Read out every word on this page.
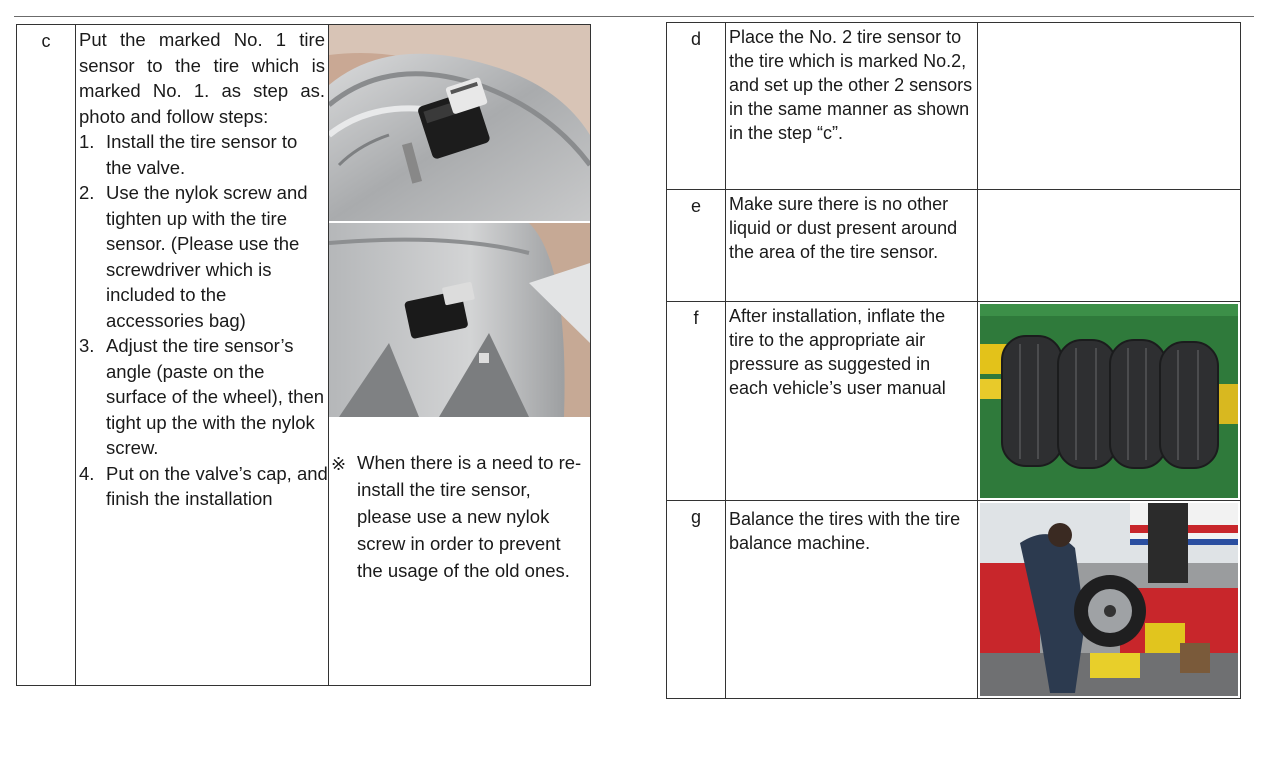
c	Put the marked No. 1 tire sensor to the tire which is marked No. 1. as step as. photo and follow steps:
1. Install the tire sensor to the valve.
2. Use the nylok screw and tighten up with the tire sensor. (Please use the screwdriver which is included to the accessories bag)
3. Adjust the tire sensor’s angle (paste on the surface of the wheel), then tight up the with the nylok screw.
4. Put on the valve’s cap, and finish the installation
※ When there is a need to re-install the tire sensor, please use a new nylok screw in order to prevent the usage of the old ones.
d	Place the No. 2 tire sensor to the tire which is marked No.2, and set up the other 2 sensors in the same manner as shown in the step “c”.
e	Make sure there is no other liquid or dust present around the area of the tire sensor.
f	After installation, inflate the tire to the appropriate air pressure as suggested in each vehicle’s user manual
g	Balance the tires with the tire balance machine.
